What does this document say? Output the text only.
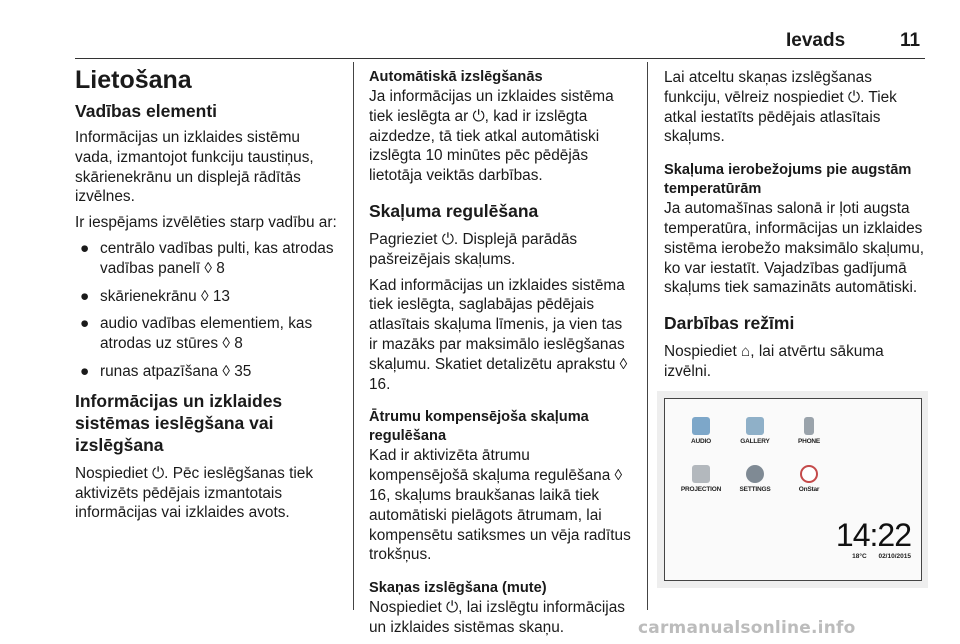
Ievads	11
Lietošana
Vadības elementi

Informācijas un izklaides sistēmu vada, izmantojot funkciju taustiņus, skārienekrānu un displejā rādītās izvēlnes.

Ir iespējams izvēlēties starp vadību ar:

● centrālo vadības pulti, kas atrodas vadības panelī ◊ 8
● skārienekrānu ◊ 13
● audio vadības elementiem, kas atrodas uz stūres ◊ 8
● runas atpazīšana ◊ 35
Informācijas un izklaides sistēmas ieslēgšana vai izslēgšana

Nospiediet ⏻. Pēc ieslēgšanas tiek aktivizēts pēdējais izmantotais informācijas vai izklaides avots.

Automātiskā izslēgšanās

Ja informācijas un izklaides sistēma tiek ieslēgta ar ⏻, kad ir izslēgta aizdedze, tā tiek atkal automātiski izslēgta 10 minūtes pēc pēdējās lietotāja veiktās darbības.

Skaļuma regulēšana

Pagrieziet ⏻. Displejā parādās pašreizējais skaļums.

Kad informācijas un izklaides sistēma tiek ieslēgta, saglabājas pēdējais atlasītais skaļuma līmenis, ja vien tas ir mazāks par maksimālo ieslēgšanas skaļumu. Skatiet detalizētu aprakstu ◊ 16.

Ātrumu kompensējoša skaļuma regulēšana

Kad ir aktivizēta ātrumu kompensējošā skaļuma regulēšana ◊ 16, skaļums braukšanas laikā tiek automātiski pielāgots ātrumam, lai kompensētu satiksmes un vēja radītus trokšņus.

Skaņas izslēgšana (mute)

Nospiediet ⏻, lai izslēgtu informācijas un izklaides sistēmas skaņu.

Lai atceltu skaņas izslēgšanas funkciju, vēlreiz nospiediet ⏻. Tiek atkal iestatīts pēdējais atlasītais skaļums.

Skaļuma ierobežojums pie augstām temperatūrām

Ja automašīnas salonā ir ļoti augsta temperatūra, informācijas un izklaides sistēma ierobežo maksimālo skaļumu, ko var iestatīt. Vajadzības gadījumā skaļums tiek samazināts automātiski.

Darbības režīmi

Nospiediet ⌂, lai atvērtu sākuma izvēlni.

AUDIO	GALLERY	PHONE
PROJECTION	SETTINGS	OnStar
14:22
18°C 02/10/2015
carmanualsonline.info
